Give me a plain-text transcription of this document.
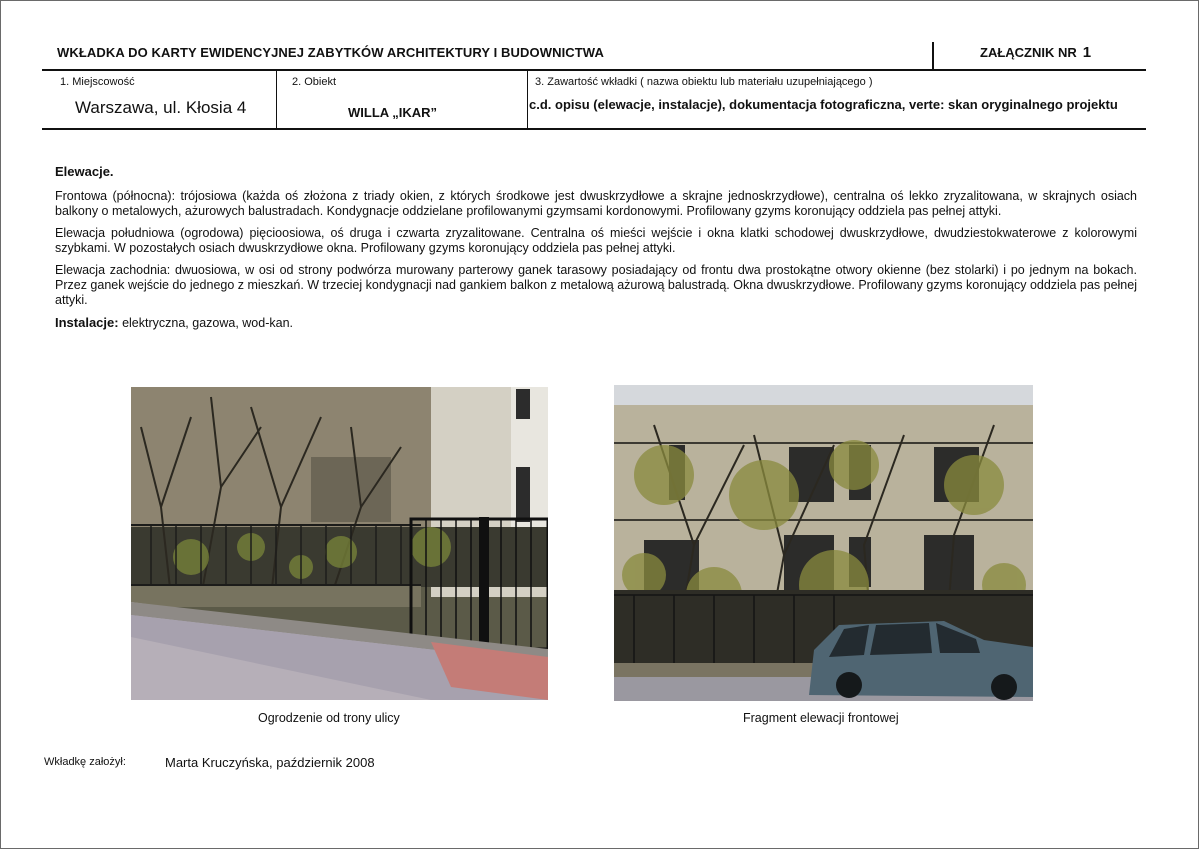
WKŁADKA DO KARTY EWIDENCYJNEJ ZABYTKÓW ARCHITEKTURY I BUDOWNICTWA	ZAŁĄCZNIK NR 1
1. Miejscowość
Warszawa, ul. Kłosia 4
2. Obiekt
WILLA „IKAR”
3. Zawartość wkładki ( nazwa obiektu lub materiału uzupełniającego )
c.d. opisu (elewacje, instalacje), dokumentacja fotograficzna, verte: skan oryginalnego projektu

Elewacje.

Frontowa (północna): trójosiowa (każda oś złożona z triady okien, z których środkowe jest dwuskrzydłowe a skrajne jednoskrzydłowe), centralna oś lekko zryzalitowana, w skrajnych osiach balkony o metalowych, ażurowych balustradach. Kondygnacje oddzielane profilowanymi gzymsami kordonowymi. Profilowany gzyms koronujący oddziela pas pełnej attyki.

Elewacja południowa (ogrodowa) pięcioosiowa, oś druga i czwarta zryzalitowane. Centralna oś mieści wejście i okna klatki schodowej dwuskrzydłowe, dwudziestokwaterowe z kolorowymi szybkami. W pozostałych osiach dwuskrzydłowe okna. Profilowany gzyms koronujący oddziela pas pełnej attyki.

Elewacja zachodnia: dwuosiowa, w osi od strony podwórza murowany parterowy ganek tarasowy posiadający od frontu dwa prostokątne otwory okienne (bez stolarki) i po jednym na bokach. Przez ganek wejście do jednego z mieszkań. W trzeciej kondygnacji nad gankiem balkon z metalową ażurową balustradą. Okna dwuskrzydłowe. Profilowany gzyms koronujący oddziela pas pełnej attyki.

Instalacje: elektryczna, gazowa, wod-kan.

Ogrodzenie od trony ulicy	Fragment elewacji frontowej
Wkładkę założył:	Marta Kruczyńska, październik 2008
